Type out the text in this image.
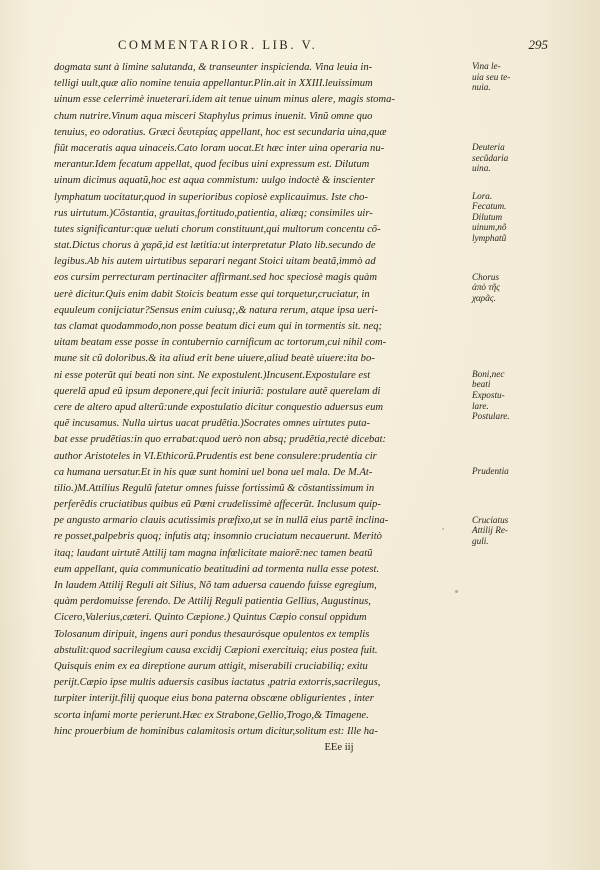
COMMENTARIOR. LIB. V.	295
dogmata sunt à limine salutanda, & transeunter inspicienda. Vina leuia in-
telligi uult,quæ alio nomine tenuia appellantur.Plin.ait in XXIII.leuissimum
uinum esse celerrimè inueterari.idem ait tenue uinum minus alere, magis stoma-
chum nutrire.Vinum aqua misceri Staphylus primus inuenit. Vinũ omne quo
tenuius, eo odoratius. Græci δευτερίας appellant, hoc est secundaria uina,quæ
fiũt maceratis aqua uinaceis.Cato loram uocat.Et hæc inter uina operaria nu-
merantur.Idem fecatum appellat, quod fecibus uini expressum est. Dilutum
uinum dicimus aquatũ,hoc est aqua commistum: uulgo indoctè & inscienter
lymphatum uocitatur,quod in superioribus copiosè explicauimus. Iste cho-
rus uirtutum.)Cõstantia, grauitas,fortitudo,patientia, aliæq; consimiles uir-
tutes significantur:quæ ueluti chorum constituunt,qui multorum concentu cõ-
stat.Dictus chorus à χαρᾶ,id est lætitia:ut interpretatur Plato lib.secundo de
legibus.Ab his autem uirtutibus separari negant Stoici uitam beatã,immò ad
eos cursim perrecturam pertinaciter affirmant.sed hoc speciosè magis quàm
uerè dicitur.Quis enim dabit Stoicis beatum esse qui torquetur,cruciatur, in
equuleum conijciatur?Sensus enim cuiusq;,& natura rerum, atque ipsa ueri-
tas clamat quodammodo,non posse beatum dici eum qui in tormentis sit. neq;
uitam beatam esse posse in contubernio carnificum ac tortorum,cui nihil com-
mune sit cũ doloribus.& ita aliud erit bene uiuere,aliud beatè uiuere:ita bo-
ni esse poterũt qui beati non sint. Ne expostulent.)Incusent.Expostulare est
querelã apud eũ ipsum deponere,qui fecit iniuriã: postulare autẽ querelam di
cere de altero apud alterũ:unde expostulatio dicitur conquestio aduersus eum
quẽ incusamus. Nulla uirtus uacat prudẽtia.)Socrates omnes uirtutes puta-
bat esse prudẽtias:in quo errabat:quod uerò non absq; prudẽtia,rectè dicebat:
author Aristoteles in VI.Ethicorũ.Prudentis est bene consulere:prudentia cir
ca humana uersatur.Et in his quæ sunt homini uel bona uel mala. De M.At-
tilio.)M.Attilius Regulũ fatetur omnes fuisse fortissimũ & cõstantissimum in
perferẽdis cruciatibus quibus eũ Pœni crudelissimè affecerũt. Inclusum quip-
pe angusto armario clauis acutissimis præfixo,ut se in nullã eius partẽ inclina-
re posset,palpebris quoq; infutis atq; insomnio cruciatum necauerunt. Meritò
itaq; laudant uirtutẽ Attilij tam magna infœlicitate maiorẽ:nec tamen beatũ
eum appellant, quia communicatio beatitudini ad tormenta nulla esse potest.
In laudem Attilij Reguli ait Silius, Nõ tam aduersa cauendo fuisse egregium,
quàm perdomuisse ferendo. De Attilij Reguli patientia Gellius, Augustinus,
Cicero,Valerius,cæteri. Quinto Cæpione.) Quintus Cæpio consul oppidum
Tolosanum diripuit, ingens auri pondus thesaurósque opulentos ex templis
abstulit:quod sacrilegium causa excidij Cæpioni exercituiq; eius postea fuit.
Quisquis enim ex ea direptione aurum attigit, miserabili cruciabiliq; exitu
perijt.Cæpio ipse multis aduersis casibus iactatus ,patria extorris,sacrilegus,
turpiter interijt.filij quoque eius bona paterna obscœne obligurientes , inter
scorta infami morte perierunt.Hæc ex Strabone,Gellio,Trogo,& Timagene.
hinc prouerbium de hominibus calamitosis ortum dicitur,solitum est: Ille ha-
EEe iij
Vina le-
uia seu te-
nuia.
Deuteria
secũdaria
uina.
Lora.
Fecatum.
Dilutum
uinum,nõ
lymphatũ
Chorus
ἀπὸ τῆς
χαρᾶς.
Boni,nec
beati
Expostu-
lare.
Postulare.
Prudentia
Cruciatus
Attilij Re-
guli.
